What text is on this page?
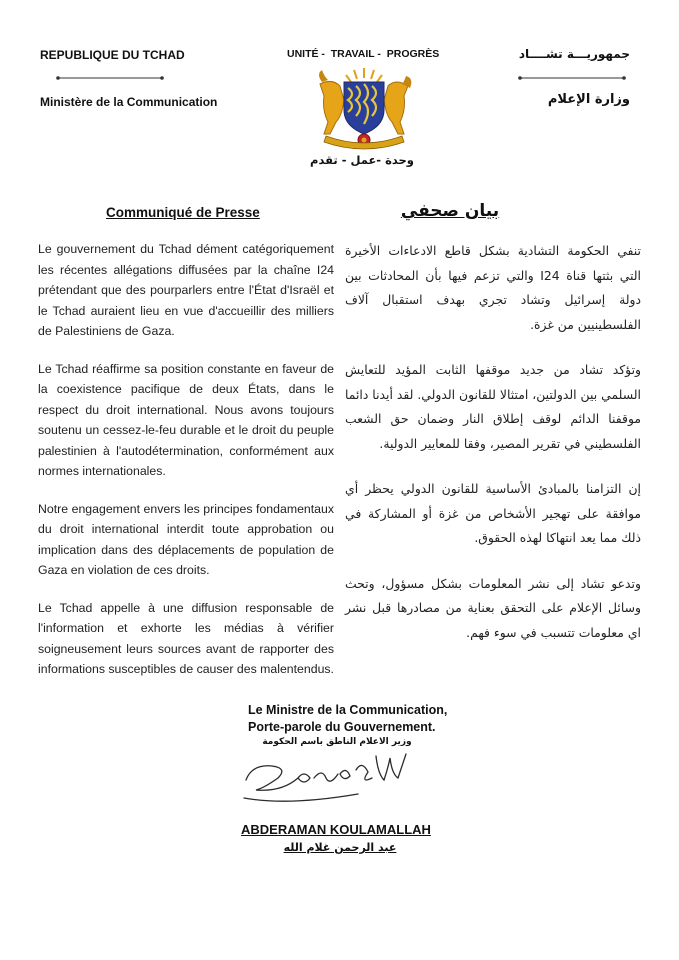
REPUBLIQUE DU TCHAD
Ministère de la Communication
UNITÉ -  TRAVAIL -  PROGRÈS
وحدة -عمل - تقدم
جمهوريـــة تشــــاد
وزارة الإعلام
Communiqué de Presse	بيان صحفي

Le gouvernement du Tchad dément catégoriquement les récentes allégations diffusées par la chaîne I24 prétendant que des pourparlers entre l'État d'Israël et le Tchad auraient lieu en vue d'accueillir des milliers de Palestiniens de Gaza.

Le Tchad réaffirme sa position constante en faveur de la coexistence pacifique de deux États, dans le respect du droit international. Nous avons toujours soutenu un cessez-le-feu durable et le droit du peuple palestinien à l'autodétermination, conformément aux normes internationales.

Notre engagement envers les principes fondamentaux du droit international interdit toute approbation ou implication dans des déplacements de population de Gaza en violation de ces droits.

Le Tchad appelle à une diffusion responsable de l'information et exhorte les médias à vérifier soigneusement leurs sources avant de rapporter des informations susceptibles de causer des malentendus.

تنفي الحكومة التشادية بشكل قاطع الادعاءات الأخيرة التي بثتها قناة I24 والتي تزعم فيها بأن المحادثات بين دولة إسرائيل وتشاد تجري بهدف استقبال آلاف الفلسطينيين من غزة.

وتؤكد تشاد من جديد موقفها الثابت المؤيد للتعايش السلمي بين الدولتين، امتثالا للقانون الدولي. لقد أيدنا دائما موقفنا الدائم لوقف إطلاق النار وضمان حق الشعب الفلسطيني في تقرير المصير، وفقا للمعايير الدولية.

إن التزامنا بالمبادئ الأساسية للقانون الدولي يحظر أي موافقة على تهجير الأشخاص من غزة أو المشاركة في ذلك مما يعد انتهاكا لهذه الحقوق.

وتدعو تشاد إلى نشر المعلومات بشكل مسؤول، وتحث وسائل الإعلام على التحقق بعناية من مصادرها قبل نشر اي معلومات تتسبب في سوء فهم.

Le Ministre de la Communication,
Porte-parole du Gouvernement.
وزير الاعلام الناطق باسم الحكومة
ABDERAMAN KOULAMALLAH
عبد الرحمن غلام الله
